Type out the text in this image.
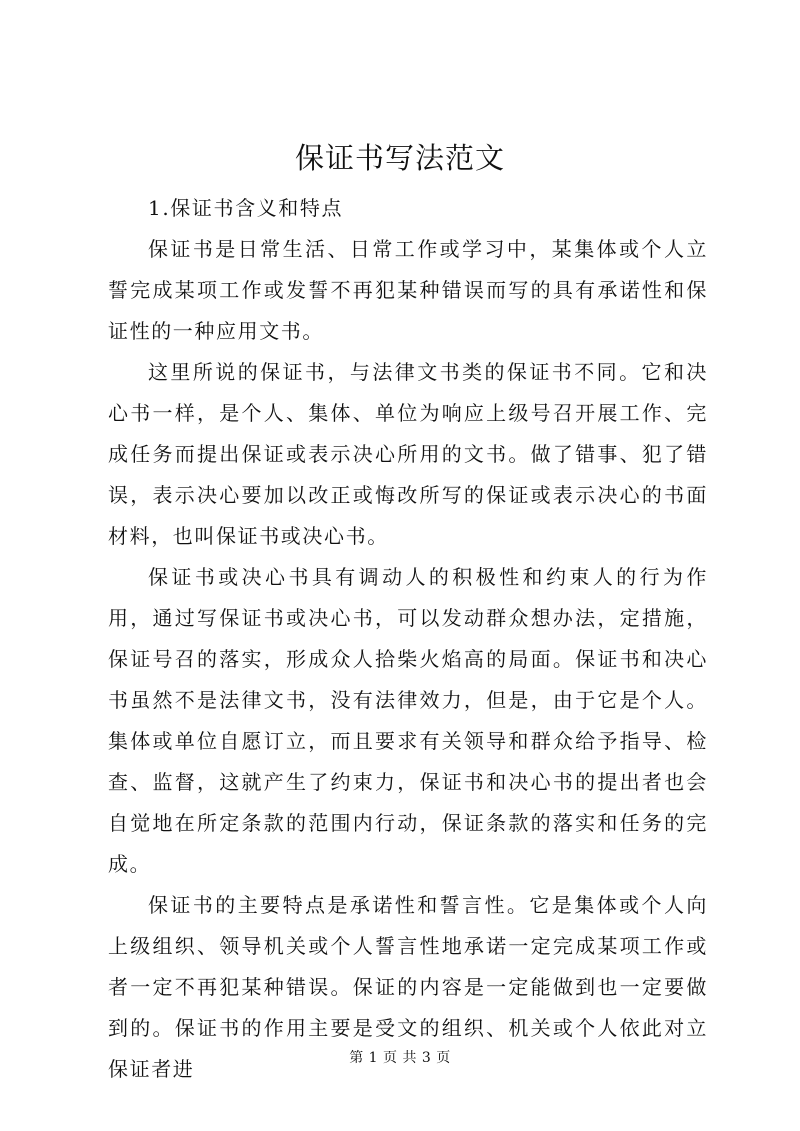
保证书写法范文

1.保证书含义和特点

保证书是日常生活、日常工作或学习中，某集体或个人立誓完成某项工作或发誓不再犯某种错误而写的具有承诺性和保证性的一种应用文书。

这里所说的保证书，与法律文书类的保证书不同。它和决心书一样，是个人、集体、单位为响应上级号召开展工作、完成任务而提出保证或表示决心所用的文书。做了错事、犯了错误，表示决心要加以改正或悔改所写的保证或表示决心的书面材料，也叫保证书或决心书。

保证书或决心书具有调动人的积极性和约束人的行为作用，通过写保证书或决心书，可以发动群众想办法，定措施，保证号召的落实，形成众人拾柴火焰高的局面。保证书和决心书虽然不是法律文书，没有法律效力，但是，由于它是个人。集体或单位自愿订立，而且要求有关领导和群众给予指导、检查、监督，这就产生了约束力，保证书和决心书的提出者也会自觉地在所定条款的范围内行动，保证条款的落实和任务的完成。

保证书的主要特点是承诺性和誓言性。它是集体或个人向上级组织、领导机关或个人誓言性地承诺一定完成某项工作或者一定不再犯某种错误。保证的内容是一定能做到也一定要做到的。保证书的作用主要是受文的组织、机关或个人依此对立保证者进	第 1 页 共 3 页
